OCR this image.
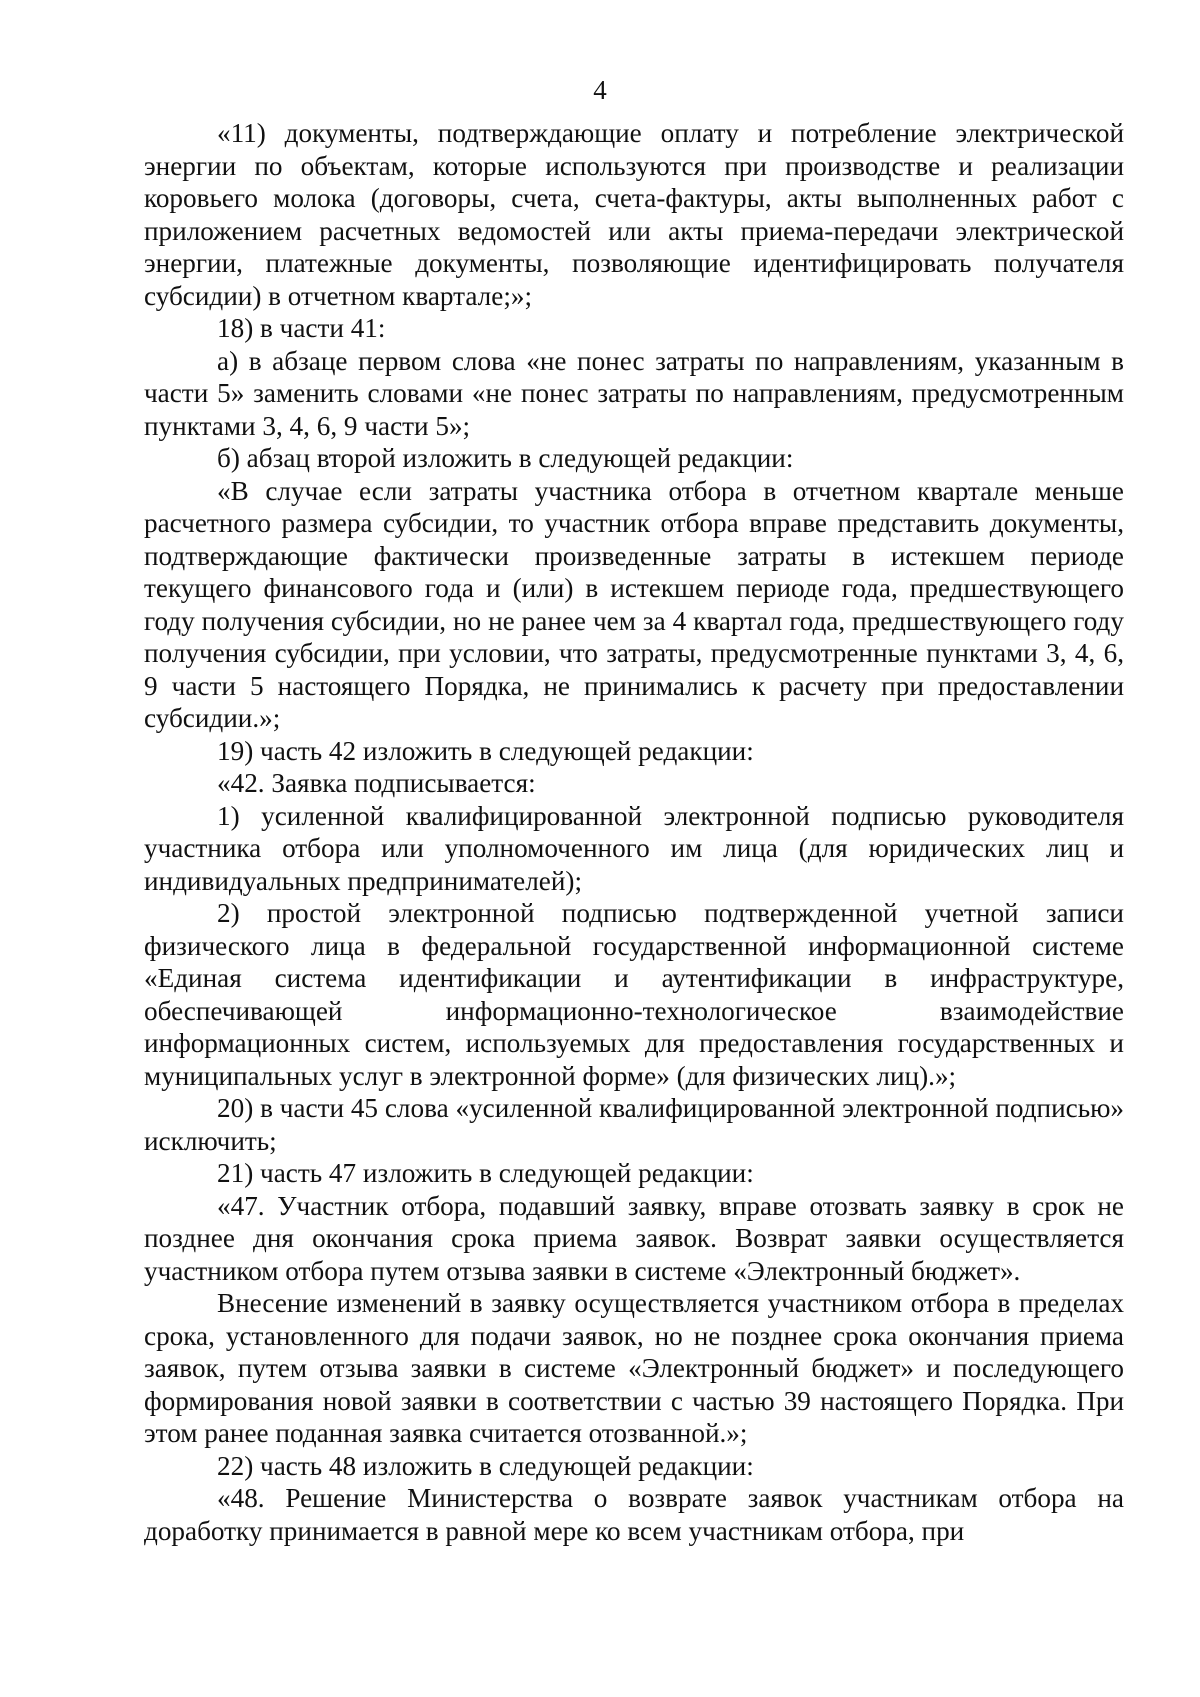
4

«11) документы, подтверждающие оплату и потребление электрической энергии по объектам, которые используются при производстве и реализации коровьего молока (договоры, счета, счета-фактуры, акты выполненных работ с приложением расчетных ведомостей или акты приема-передачи электрической энергии, платежные документы, позволяющие идентифицировать получателя субсидии) в отчетном квартале;»;

18) в части 41:

а) в абзаце первом слова «не понес затраты по направлениям, указанным в части 5» заменить словами «не понес затраты по направлениям, предусмотренным пунктами 3, 4, 6, 9 части 5»;

б) абзац второй изложить в следующей редакции:

«В случае если затраты участника отбора в отчетном квартале меньше расчетного размера субсидии, то участник отбора вправе представить документы, подтверждающие фактически произведенные затраты в истекшем периоде текущего финансового года и (или) в истекшем периоде года, предшествующего году получения субсидии, но не ранее чем за 4 квартал года, предшествующего году получения субсидии, при условии, что затраты, предусмотренные пунктами 3, 4, 6, 9 части 5 настоящего Порядка, не принимались к расчету при предоставлении субсидии.»;

19) часть 42 изложить в следующей редакции:

«42. Заявка подписывается:

1) усиленной квалифицированной электронной подписью руководителя участника отбора или уполномоченного им лица (для юридических лиц и индивидуальных предпринимателей);

2) простой электронной подписью подтвержденной учетной записи физического лица в федеральной государственной информационной системе «Единая система идентификации и аутентификации в инфраструктуре, обеспечивающей информационно-технологическое взаимодействие информационных систем, используемых для предоставления государственных и муниципальных услуг в электронной форме» (для физических лиц).»;

20) в части 45 слова «усиленной квалифицированной электронной подписью» исключить;

21) часть 47 изложить в следующей редакции:

«47. Участник отбора, подавший заявку, вправе отозвать заявку в срок не позднее дня окончания срока приема заявок. Возврат заявки осуществляется участником отбора путем отзыва заявки в системе «Электронный бюджет».

Внесение изменений в заявку осуществляется участником отбора в пределах срока, установленного для подачи заявок, но не позднее срока окончания приема заявок, путем отзыва заявки в системе «Электронный бюджет» и последующего формирования новой заявки в соответствии с частью 39 настоящего Порядка. При этом ранее поданная заявка считается отозванной.»;

22) часть 48 изложить в следующей редакции:

«48. Решение Министерства о возврате заявок участникам отбора на доработку принимается в равной мере ко всем участникам отбора, при
